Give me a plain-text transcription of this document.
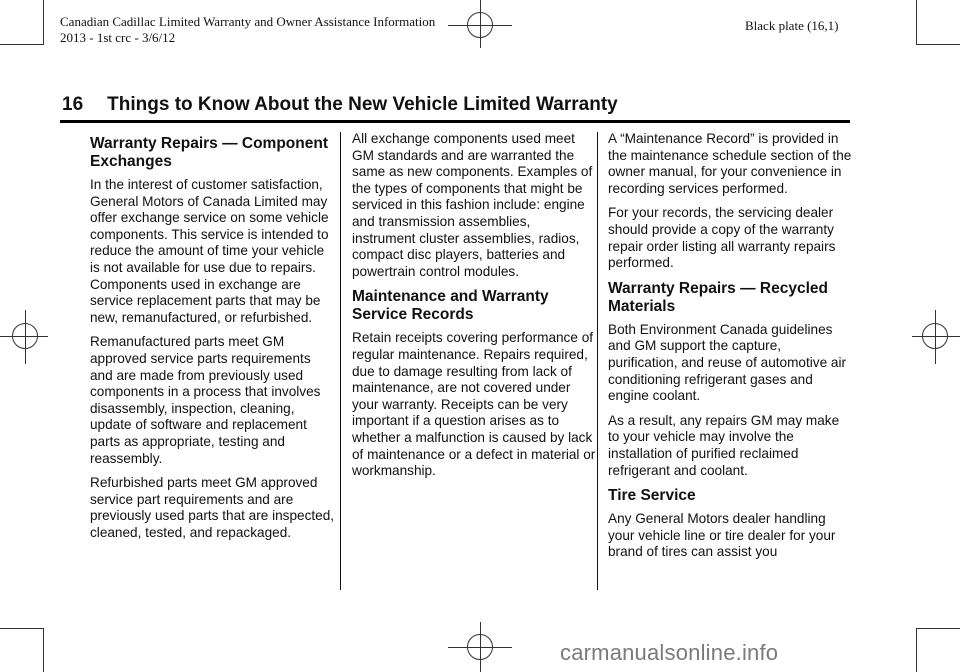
Canadian Cadillac Limited Warranty and Owner Assistance Information
2013 - 1st crc - 3/6/12
Black plate (16,1)
16 Things to Know About the New Vehicle Limited Warranty
Warranty Repairs — Component Exchanges

In the interest of customer satisfaction, General Motors of Canada Limited may offer exchange service on some vehicle components. This service is intended to reduce the amount of time your vehicle is not available for use due to repairs. Components used in exchange are service replacement parts that may be new, remanufactured, or refurbished.

Remanufactured parts meet GM approved service parts requirements and are made from previously used components in a process that involves disassembly, inspection, cleaning, update of software and replacement parts as appropriate, testing and reassembly.

Refurbished parts meet GM approved service part requirements and are previously used parts that are inspected, cleaned, tested, and repackaged.

All exchange components used meet GM standards and are warranted the same as new components. Examples of the types of components that might be serviced in this fashion include: engine and transmission assemblies, instrument cluster assemblies, radios, compact disc players, batteries and powertrain control modules.

Maintenance and Warranty Service Records

Retain receipts covering performance of regular maintenance. Repairs required, due to damage resulting from lack of maintenance, are not covered under your warranty. Receipts can be very important if a question arises as to whether a malfunction is caused by lack of maintenance or a defect in material or workmanship.

A “Maintenance Record” is provided in the maintenance schedule section of the owner manual, for your convenience in recording services performed.

For your records, the servicing dealer should provide a copy of the warranty repair order listing all warranty repairs performed.

Warranty Repairs — Recycled Materials

Both Environment Canada guidelines and GM support the capture, purification, and reuse of automotive air conditioning refrigerant gases and engine coolant.

As a result, any repairs GM may make to your vehicle may involve the installation of purified reclaimed refrigerant and coolant.

Tire Service

Any General Motors dealer handling your vehicle line or tire dealer for your brand of tires can assist you

carmanualsonline.info
